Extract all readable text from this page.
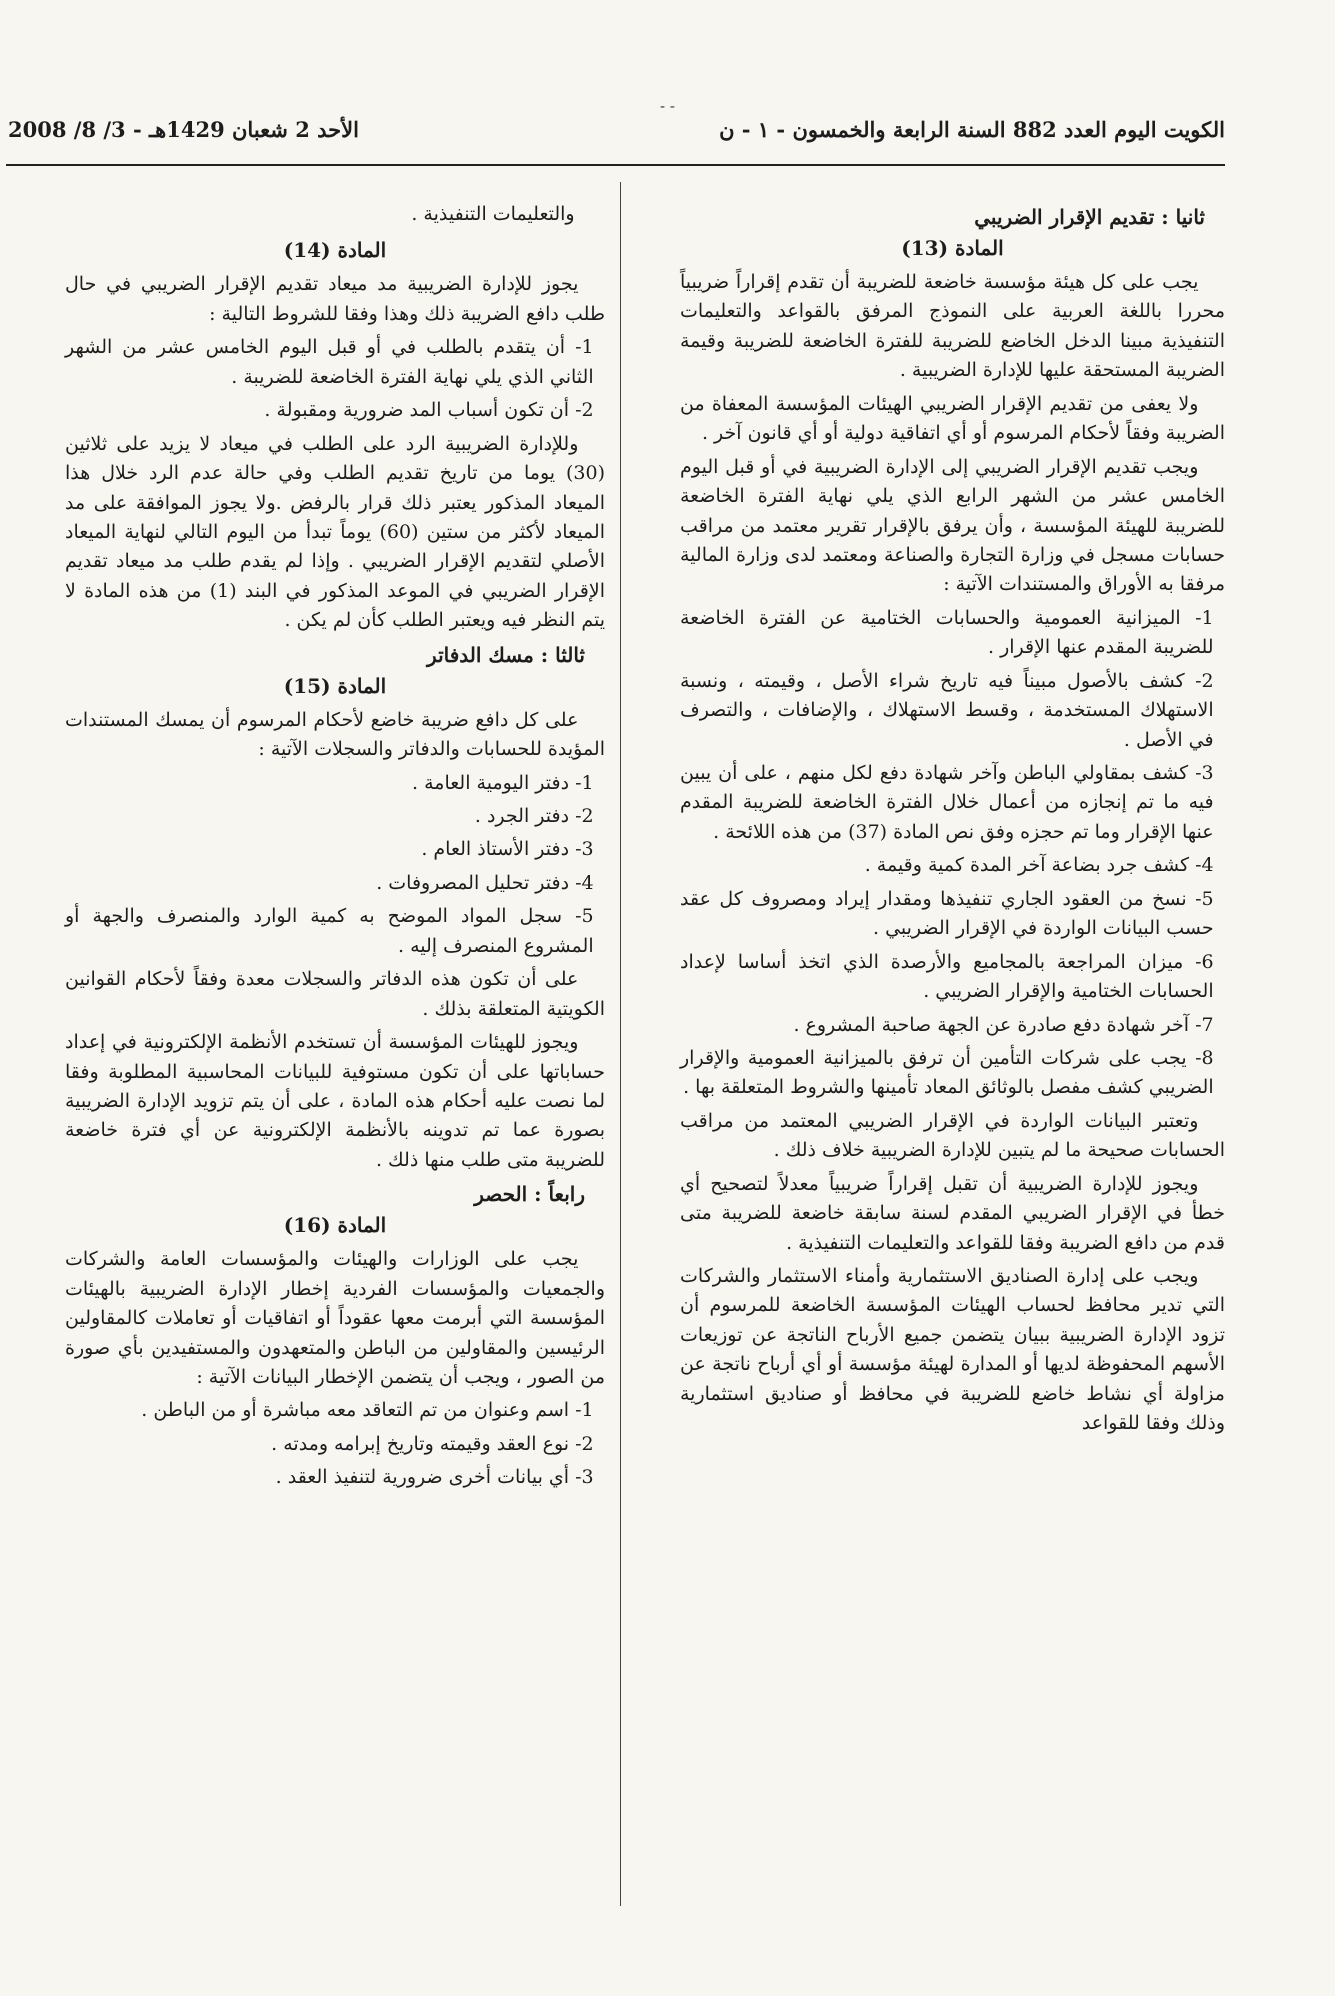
- -
الكويت اليوم العدد 882 السنة الرابعة والخمسون - ١ - ن
الأحد 2 شعبان 1429هـ - 3/ 8/ 2008
ثانيا : تقديم الإقرار الضريبي
المادة (13)

يجب على كل هيئة مؤسسة خاضعة للضريبة أن تقدم إقراراً ضريبياً محررا باللغة العربية على النموذج المرفق بالقواعد والتعليمات التنفيذية مبينا الدخل الخاضع للضريبة للفترة الخاضعة للضريبة وقيمة الضريبة المستحقة عليها للإدارة الضريبية .

ولا يعفى من تقديم الإقرار الضريبي الهيئات المؤسسة المعفاة من الضريبة وفقاً لأحكام المرسوم أو أي اتفاقية دولية أو أي قانون آخر .

ويجب تقديم الإقرار الضريبي إلى الإدارة الضريبية في أو قبل اليوم الخامس عشر من الشهر الرابع الذي يلي نهاية الفترة الخاضعة للضريبة للهيئة المؤسسة ، وأن يرفق بالإقرار تقرير معتمد من مراقب حسابات مسجل في وزارة التجارة والصناعة ومعتمد لدى وزارة المالية مرفقا به الأوراق والمستندات الآتية :

1- الميزانية العمومية والحسابات الختامية عن الفترة الخاضعة للضريبة المقدم عنها الإقرار .

2- كشف بالأصول مبيناً فيه تاريخ شراء الأصل ، وقيمته ، ونسبة الاستهلاك المستخدمة ، وقسط الاستهلاك ، والإضافات ، والتصرف في الأصل .

3- كشف بمقاولي الباطن وآخر شهادة دفع لكل منهم ، على أن يبين فيه ما تم إنجازه من أعمال خلال الفترة الخاضعة للضريبة المقدم عنها الإقرار وما تم حجزه وفق نص المادة (37) من هذه اللائحة .

4- كشف جرد بضاعة آخر المدة كمية وقيمة .

5- نسخ من العقود الجاري تنفيذها ومقدار إيراد ومصروف كل عقد حسب البيانات الواردة في الإقرار الضريبي .

6- ميزان المراجعة بالمجاميع والأرصدة الذي اتخذ أساسا لإعداد الحسابات الختامية والإقرار الضريبي .

7- آخر شهادة دفع صادرة عن الجهة صاحبة المشروع .

8- يجب على شركات التأمين أن ترفق بالميزانية العمومية والإقرار الضريبي كشف مفصل بالوثائق المعاد تأمينها والشروط المتعلقة بها .

وتعتبر البيانات الواردة في الإقرار الضريبي المعتمد من مراقب الحسابات صحيحة ما لم يتبين للإدارة الضريبية خلاف ذلك .

ويجوز للإدارة الضريبية أن تقبل إقراراً ضريبياً معدلاً لتصحيح أي خطأ في الإقرار الضريبي المقدم لسنة سابقة خاضعة للضريبة متى قدم من دافع الضريبة وفقا للقواعد والتعليمات التنفيذية .

ويجب على إدارة الصناديق الاستثمارية وأمناء الاستثمار والشركات التي تدير محافظ لحساب الهيئات المؤسسة الخاضعة للمرسوم أن تزود الإدارة الضريبية ببيان يتضمن جميع الأرباح الناتجة عن توزيعات الأسهم المحفوظة لديها أو المدارة لهيئة مؤسسة أو أي أرباح ناتجة عن مزاولة أي نشاط خاضع للضريبة في محافظ أو صناديق استثمارية وذلك وفقا للقواعد

والتعليمات التنفيذية .

المادة (14)

يجوز للإدارة الضريبية مد ميعاد تقديم الإقرار الضريبي في حال طلب دافع الضريبة ذلك وهذا وفقا للشروط التالية :

1- أن يتقدم بالطلب في أو قبل اليوم الخامس عشر من الشهر الثاني الذي يلي نهاية الفترة الخاضعة للضريبة .

2- أن تكون أسباب المد ضرورية ومقبولة .

وللإدارة الضريبية الرد على الطلب في ميعاد لا يزيد على ثلاثين (30) يوما من تاريخ تقديم الطلب وفي حالة عدم الرد خلال هذا الميعاد المذكور يعتبر ذلك قرار بالرفض .ولا يجوز الموافقة على مد الميعاد لأكثر من ستين (60) يوماً تبدأ من اليوم التالي لنهاية الميعاد الأصلي لتقديم الإقرار الضريبي . وإذا لم يقدم طلب مد ميعاد تقديم الإقرار الضريبي في الموعد المذكور في البند (1) من هذه المادة لا يتم النظر فيه ويعتبر الطلب كأن لم يكن .

ثالثا : مسك الدفاتر
المادة (15)

على كل دافع ضريبة خاضع لأحكام المرسوم أن يمسك المستندات المؤيدة للحسابات والدفاتر والسجلات الآتية :

1- دفتر اليومية العامة .

2- دفتر الجرد .

3- دفتر الأستاذ العام .

4- دفتر تحليل المصروفات .

5- سجل المواد الموضح به كمية الوارد والمنصرف والجهة أو المشروع المنصرف إليه .

على أن تكون هذه الدفاتر والسجلات معدة وفقاً لأحكام القوانين الكويتية المتعلقة بذلك .

ويجوز للهيئات المؤسسة أن تستخدم الأنظمة الإلكترونية في إعداد حساباتها على أن تكون مستوفية للبيانات المحاسبية المطلوبة وفقا لما نصت عليه أحكام هذه المادة ، على أن يتم تزويد الإدارة الضريبية بصورة عما تم تدوينه بالأنظمة الإلكترونية عن أي فترة خاضعة للضريبة متى طلب منها ذلك .

رابعاً : الحصر
المادة (16)

يجب على الوزارات والهيئات والمؤسسات العامة والشركات والجمعيات والمؤسسات الفردية إخطار الإدارة الضريبية بالهيئات المؤسسة التي أبرمت معها عقوداً أو اتفاقيات أو تعاملات كالمقاولين الرئيسين والمقاولين من الباطن والمتعهدون والمستفيدين بأي صورة من الصور ، ويجب أن يتضمن الإخطار البيانات الآتية :

1- اسم وعنوان من تم التعاقد معه مباشرة أو من الباطن .

2- نوع العقد وقيمته وتاريخ إبرامه ومدته .

3- أي بيانات أخرى ضرورية لتنفيذ العقد .
